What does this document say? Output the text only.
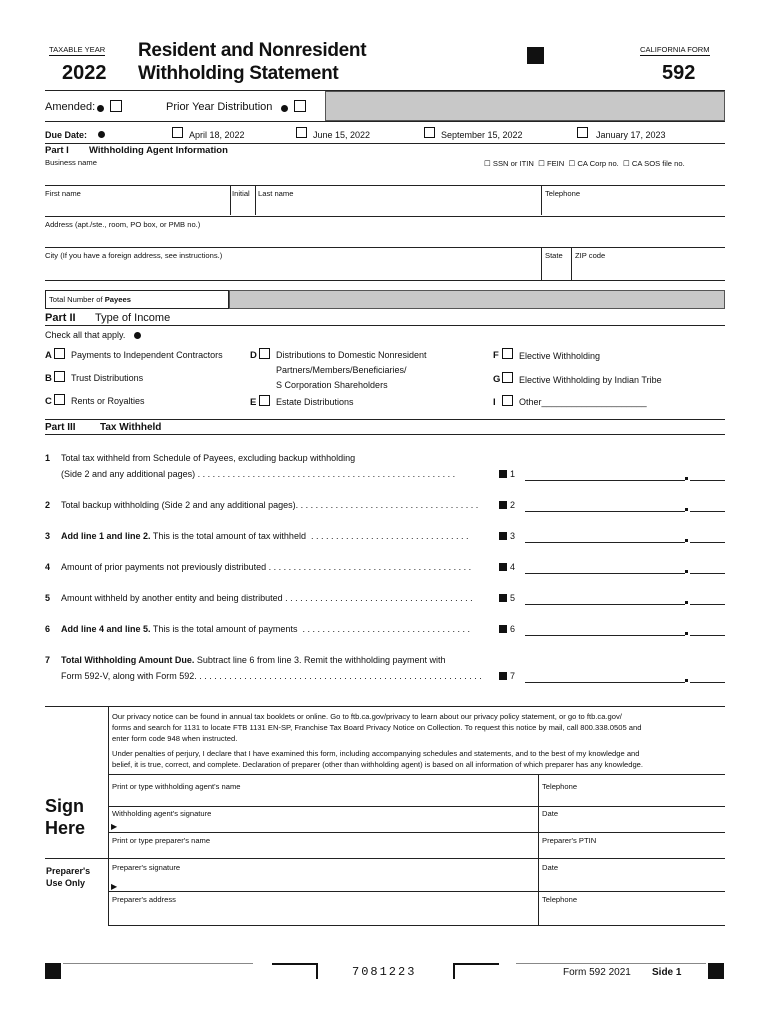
TAXABLE YEAR
2022
Resident and Nonresident
Withholding Statement
CALIFORNIA FORM
592
Amended:	Prior Year Distribution
Due Date:	April 18, 2022	June 15, 2022	September 15, 2022	January 17, 2023
Part I Withholding Agent Information
Business name	☐ SSN or ITIN  ☐ FEIN  ☐ CA Corp no.  ☐ CA SOS file no.
First name	Initial Last name	Telephone
Address (apt./ste., room, PO box, or PMB no.)
City (If you have a foreign address, see instructions.)	State ZIP code
Total Number of Payees
Part II Type of Income
Check all that apply.
A Payments to Independent Contractors
B Trust Distributions
C Rents or Royalties
D Distributions to Domestic Nonresident
Partners/Members/Beneficiaries/
S Corporation Shareholders
E Estate Distributions
F Elective Withholding
G Elective Withholding by Indian Tribe
I	Other_____________________
Part III Tax Withheld
1 Total tax withheld from Schedule of Payees, excluding backup withholding
(Side 2 and any additional pages) . . . . . . . . . . . . . . . . . . . . . . . . . . . . . . . . . . . . . . . . . . . . . . . . . . . .	1
2 Total backup withholding (Side 2 and any additional pages). . . . . . . . . . . . . . . . . . . . . . . . . . . . . . . . . . . . .	2
3 Add line 1 and line 2. This is the total amount of tax withheld  . . . . . . . . . . . . . . . . . . . . . . . . . . . . . . . .	3
4 Amount of prior payments not previously distributed . . . . . . . . . . . . . . . . . . . . . . . . . . . . . . . . . . . . . . . . .	4
5 Amount withheld by another entity and being distributed . . . . . . . . . . . . . . . . . . . . . . . . . . . . . . . . . . . . . .	5
6 Add line 4 and line 5. This is the total amount of payments  . . . . . . . . . . . . . . . . . . . . . . . . . . . . . . . . . .	6
7 Total Withholding Amount Due. Subtract line 6 from line 3. Remit the withholding payment with
Form 592-V, along with Form 592. . . . . . . . . . . . . . . . . . . . . . . . . . . . . . . . . . . . . . . . . . . . . . . . . . . . . . . . . .	7
Our privacy notice can be found in annual tax booklets or online. Go to ftb.ca.gov/privacy to learn about our privacy policy statement, or go to ftb.ca.gov/
forms and search for 1131 to locate FTB 1131 EN-SP, Franchise Tax Board Privacy Notice on Collection. To request this notice by mail, call 800.338.0505 and
enter form code 948 when instructed.
Under penalties of perjury, I declare that I have examined this form, including accompanying schedules and statements, and to the best of my knowledge and
belief, it is true, correct, and complete. Declaration of preparer (other than withholding agent) is based on all information of which preparer has any knowledge.
Print or type withholding agent's name	Telephone
Sign
Here
Withholding agent's signature
▶
Date
Print or type preparer's name	Preparer's PTIN
Preparer's
Use Only
Preparer's signature
▶
Date
Preparer's address	Telephone
7081223	Form 592 2021 Side 1
